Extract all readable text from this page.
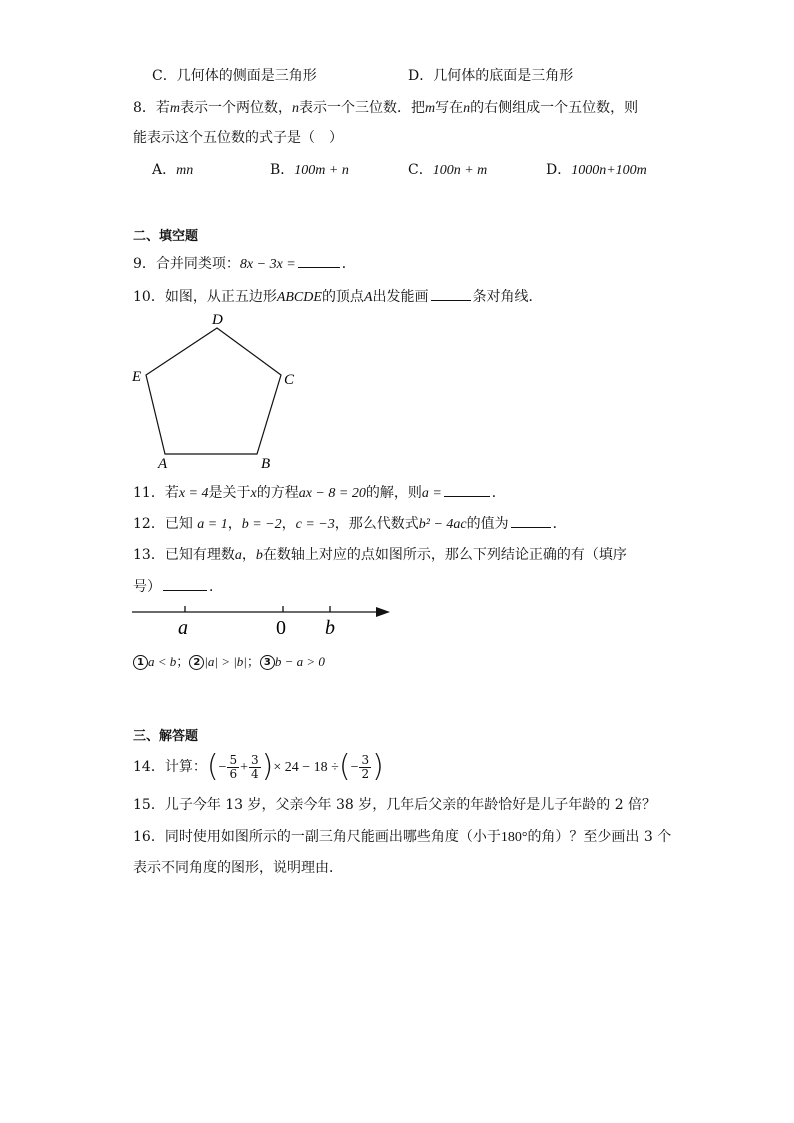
C．几何体的侧面是三角形	D．几何体的底面是三角形
8．若m表示一个两位数，n表示一个三位数．把m写在n的右侧组成一个五位数，则
能表示这个五位数的式子是（　）
A．mn	B．100m + n	C．100n + m	D．1000n+100m
二、填空题
9．合并同类项：8x − 3x =	．
10．如图，从正五边形ABCDE的顶点A出发能画	条对角线．
D
C
E
A	B
11．若x = 4是关于x的方程ax − 8 = 20的解，则a =	．
12．已知 a = 1，b = −2，c = −3，那么代数式b² − 4ac的值为	．
13．已知有理数a，b在数轴上对应的点如图所示，那么下列结论正确的有（填序
号）	．
a	0 b
1 a < b； 2 |a| > |b|； 3 b − a > 0
三、解答题
14．计算：(− $\frac{5}{6} + \frac{3}{4}$ )× 24 − 18 ÷(− $\frac{3}{2}$ )
15．儿子今年 13 岁，父亲今年 38 岁，几年后父亲的年龄恰好是儿子年龄的 2 倍？
16．同时使用如图所示的一副三角尺能画出哪些角度（小于180°的角）？至少画出 3 个
表示不同角度的图形，说明理由．
